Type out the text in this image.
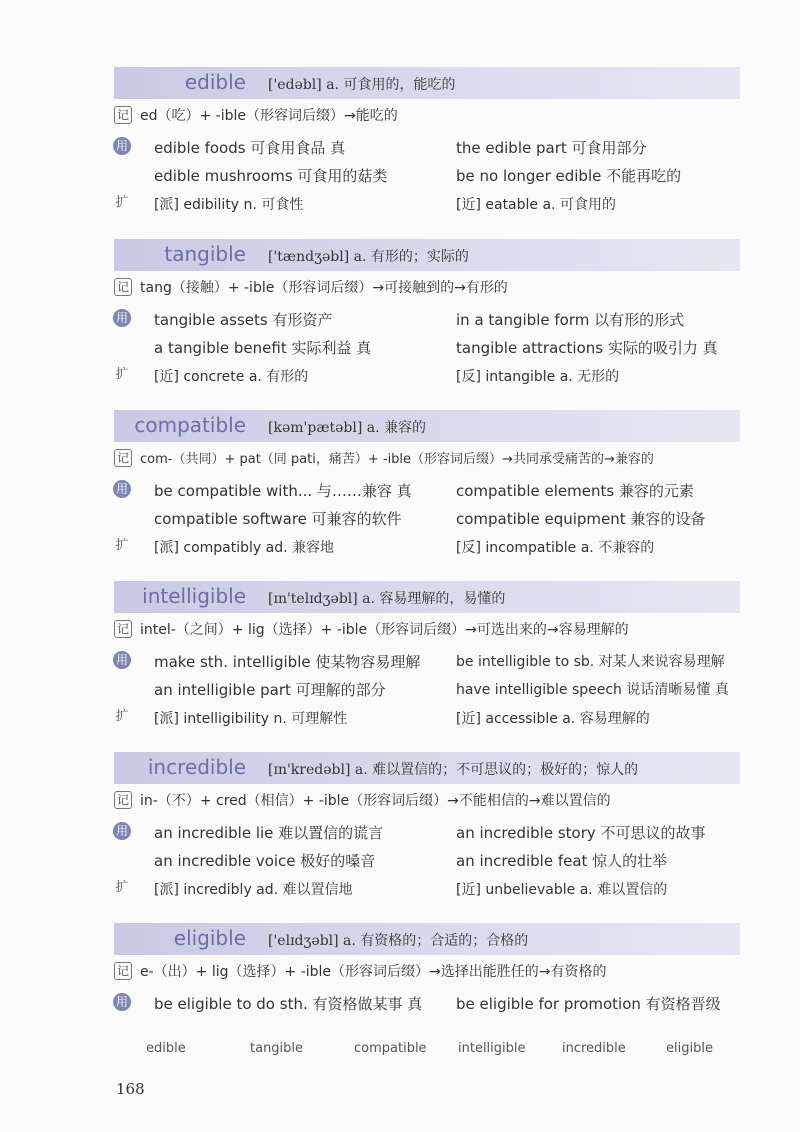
edible ['edəbl] a. 可食用的，能吃的
记 ed（吃）+ -ible（形容词后缀）→能吃的
用 edible foods 可食用食品 真	the edible part 可食用部分
edible mushrooms 可食用的菇类	be no longer edible 不能再吃的
扩 [派] edibility n. 可食性	[近] eatable a. 可食用的
tangible ['tændʒəbl] a. 有形的；实际的
记 tang（接触）+ -ible（形容词后缀）→可接触到的→有形的
用 tangible assets 有形资产	in a tangible form 以有形的形式
a tangible benefit 实际利益 真	tangible attractions 实际的吸引力 真
扩 [近] concrete a. 有形的	[反] intangible a. 无形的
compatible [kəm'pætəbl] a. 兼容的
记 com-（共同）+ pat（同 pati，痛苦）+ -ible（形容词后缀）→共同承受痛苦的→兼容的
用 be compatible with... 与……兼容 真	compatible elements 兼容的元素
compatible software 可兼容的软件	compatible equipment 兼容的设备
扩 [派] compatibly ad. 兼容地	[反] incompatible a. 不兼容的
intelligible [ɪn'telɪdʒəbl] a. 容易理解的，易懂的
记 intel-（之间）+ lig（选择）+ -ible（形容词后缀）→可选出来的→容易理解的
用 make sth. intelligible 使某物容易理解	be intelligible to sb. 对某人来说容易理解
an intelligible part 可理解的部分	have intelligible speech 说话清晰易懂 真
扩 [派] intelligibility n. 可理解性	[近] accessible a. 容易理解的
incredible [ɪn'kredəbl] a. 难以置信的；不可思议的；极好的；惊人的
记 in-（不）+ cred（相信）+ -ible（形容词后缀）→不能相信的→难以置信的
用 an incredible lie 难以置信的谎言	an incredible story 不可思议的故事
an incredible voice 极好的嗓音	an incredible feat 惊人的壮举
扩 [派] incredibly ad. 难以置信地	[近] unbelievable a. 难以置信的
eligible ['elɪdʒəbl] a. 有资格的；合适的；合格的
记 e-（出）+ lig（选择）+ -ible（形容词后缀）→选择出能胜任的→有资格的
用 be eligible to do sth. 有资格做某事 真 be eligible for promotion 有资格晋级
edible	tangible	compatible intelligible	incredible	eligible
168
